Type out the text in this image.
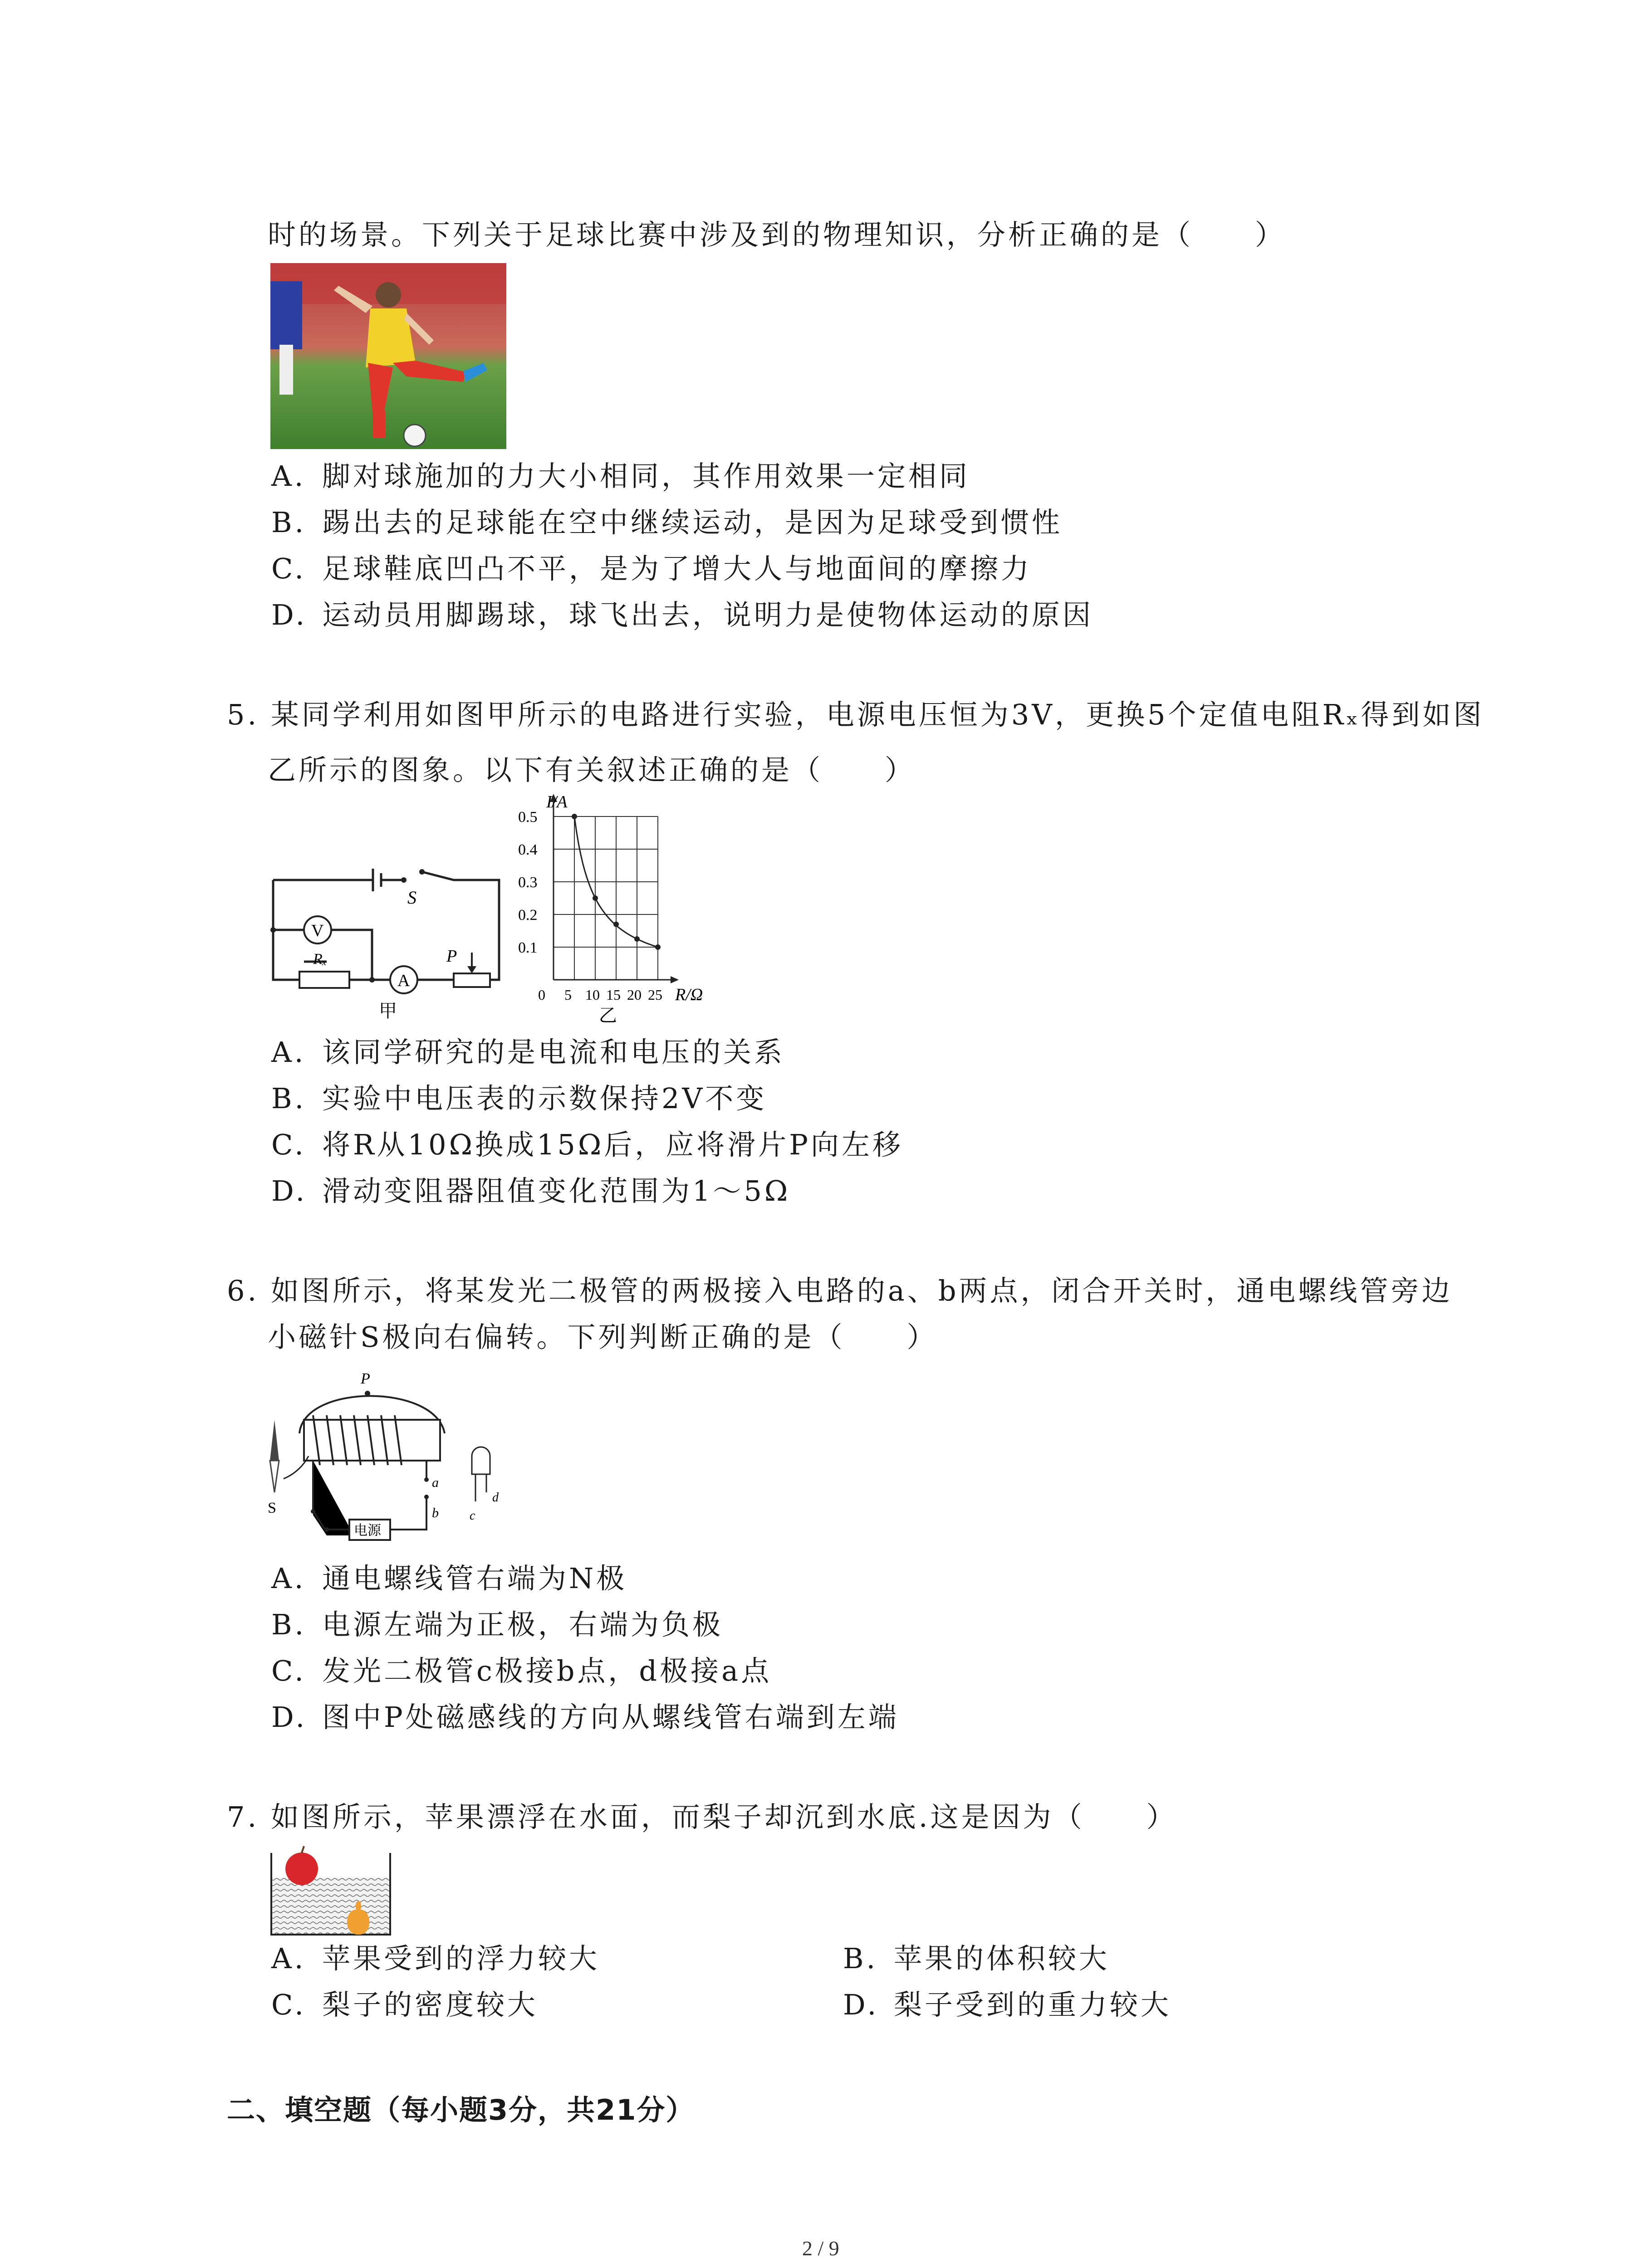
时的场景。下列关于足球比赛中涉及到的物理知识，分析正确的是（　　）
A. 脚对球施加的力大小相同，其作用效果一定相同
B. 踢出去的足球能在空中继续运动，是因为足球受到惯性
C. 足球鞋底凹凸不平，是为了增大人与地面间的摩擦力
D. 运动员用脚踢球，球飞出去，说明力是使物体运动的原因
5. 某同学利用如图甲所示的电路进行实验，电源电压恒为3V，更换5个定值电阻Rₓ得到如图
乙所示的图象。以下有关叙述正确的是（　　）
S
V
Rₓ
A
P
甲
0.5
0.4
0.3
0.2
0.1
0 5 10 15 20 25
I/A
R/Ω
乙
A. 该同学研究的是电流和电压的关系
B. 实验中电压表的示数保持2V不变
C. 将R从10Ω换成15Ω后，应将滑片P向左移
D. 滑动变阻器阻值变化范围为1～5Ω
6. 如图所示，将某发光二极管的两极接入电路的a、b两点，闭合开关时，通电螺线管旁边
小磁针S极向右偏转。下列判断正确的是（　　）
P
S
电源
a
b c
d
A. 通电螺线管右端为N极
B. 电源左端为正极，右端为负极
C. 发光二极管c极接b点，d极接a点
D. 图中P处磁感线的方向从螺线管右端到左端
7. 如图所示，苹果漂浮在水面，而梨子却沉到水底.这是因为（　　）
A. 苹果受到的浮力较大	B. 苹果的体积较大
C. 梨子的密度较大	D. 梨子受到的重力较大
二、填空题（每小题3分，共21分）
2 / 9
